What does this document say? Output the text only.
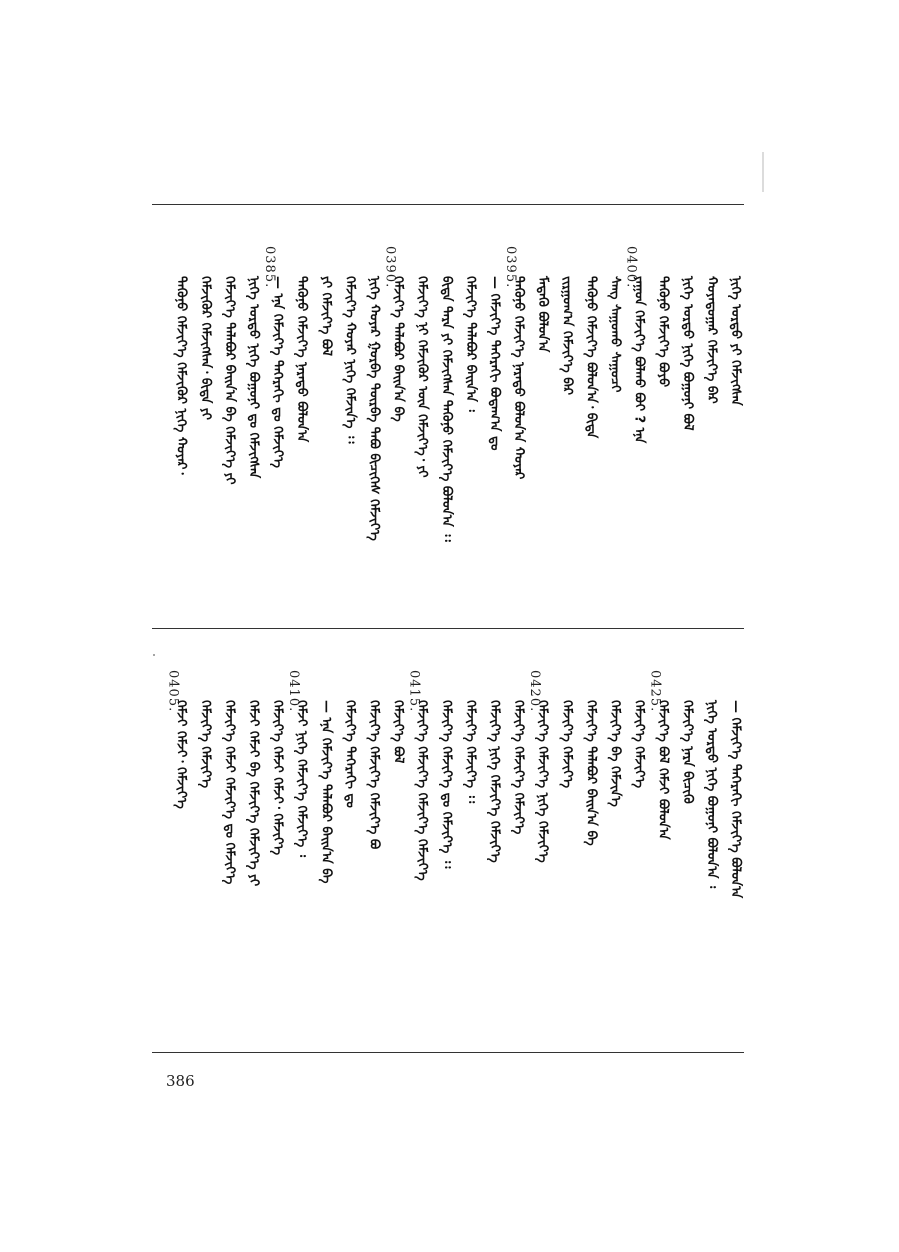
ᠨᠢᠭᠡ ᠤᠷᠲᠤ ᠶᠢ ᠬᠡᠮᠵᠢᠭᠰᠡᠨ
ᠬᠣᠶᠠᠳᠤᠭᠠᠷ ᠬᠡᠮᠵᠢᠶ᠎ᠡ ᠪᠡᠷ
ᠨᠢᠭᠡ ᠤᠷᠲᠤ ᠨᠢᠭᠡ ᠪᠣᠭᠣᠨᠢ ᠪᠣᠯ
ᠲᠡᠭᠦᠨᠦ ᠬᠡᠮᠵᠢᠶ᠎ᠡ ᠪᠤᠶᠤ
0400.
ᠶᠠᠭᠤᠨ ᠬᠡᠮᠵᠢᠶ᠎ᠡ ᠪᠣᠯᠬᠤ ᠪᠤᠢ ? ᠡᠨᠡ
ᠰᠠᠩ ᠰᠠᠭᠤᠬᠤ ᠰᠠᠭᠤᠴᠢ
ᠲᠡᠭᠦᠨᠦ ᠬᠡᠮᠵᠢᠶ᠎ᠡ ᠪᠣᠯᠤᠨ᠎ᠠ᠂ ᠪᠢᠳᠡ
ᠵᠢᠷᠭᠤᠭ᠎ᠠ ᠬᠡᠮᠵᠢᠶ᠎ᠡ ᠪᠡᠷ
ᠮᠡᠳᠡᠬᠦ ᠪᠣᠯᠤᠨ᠎ᠠ
0395.
ᠲᠡᠭᠦᠨᠦ ᠬᠡᠮᠵᠢᠶ᠎ᠡ ᠨᠡᠷᠡᠳᠦ ᠪᠣᠯᠤᠨ᠎ᠠ ᠬᠣᠶᠠᠷ
— ᠬᠡᠮᠵᠢᠶ᠎ᠡ ᠳᠡᠭᠡᠷᠡᠬᠢ ᠪᠤᠳᠠᠭ᠎ᠠ ᠳᠤ
ᠬᠡᠮᠵᠢᠶ᠎ᠡ ᠲᠠᠯᠠᠪᠤᠷ ᠪᠠᠢᠨ᠎ᠠ ᠄
ᠪᠢᠳᠡ ᠲᠡᠷᠡ ᠶᠢ ᠬᠡᠮᠵᠢᠭᠰᠡᠨ ᠲᠡᠭᠦᠨᠦ ᠬᠡᠮᠵᠢᠶ᠎ᠡ ᠪᠣᠯᠤᠨ᠎ᠠ ᠄᠄
ᠬᠡᠮᠵᠢᠶ᠎ᠡ ᠨᠢ ᠬᠡᠮᠵᠢᠭᠦᠷ ᠦᠨ ᠬᠡᠮᠵᠢᠶ᠎ᠡ᠂ ᠶᠢ
0390.
ᠬᠡᠮᠵᠢᠶ᠎ᠡ ᠲᠠᠯᠠᠪᠤᠷ ᠪᠠᠢᠨ᠎ᠠ ᠪᠠ
ᠨᠢᠭᠡ ᠬᠣᠶᠠᠷ ᠭᠤᠷᠪᠠ ᠳᠥᠷᠪᠡ ᠲᠠᠪᠤ ᠪᠢᠴᠢᠭᠡᠰ ᠬᠡᠮᠵᠢᠶ᠎ᠡ
ᠬᠡᠮᠵᠢᠶ᠎ᠡ ᠬᠣᠶᠠᠷ ᠨᠢᠭᠡ ᠬᠡᠮᠵᠢᠨ᠎ᠡ ᠄᠄
ᠶᠢ ᠬᠡᠮᠵᠢᠶ᠎ᠡ ᠪᠣᠯ
ᠲᠡᠭᠦᠨᠦ ᠬᠡᠮᠵᠢᠶ᠎ᠡ ᠨᠡᠷᠡᠳᠦ ᠪᠣᠯᠤᠨ᠎ᠠ
0385.
— ᠡᠨᠡ ᠬᠡᠮᠵᠢᠶ᠎ᠡ ᠳᠡᠭᠡᠷᠡᠬᠢ ᠳᠤ ᠬᠡᠮᠵᠢᠶ᠎ᠡ
ᠨᠢᠭᠡ ᠤᠷᠲᠤ ᠨᠢᠭᠡ ᠪᠣᠭᠣᠨᠢ ᠳᠤ ᠬᠡᠮᠵᠢᠭᠰᠡᠨ
ᠬᠡᠮᠵᠢᠶ᠎ᠡ ᠲᠠᠯᠠᠪᠤᠷ ᠪᠠᠢᠨ᠎ᠠ ᠪᠠ ᠬᠡᠮᠵᠢᠶ᠎ᠡ ᠶᠢ
ᠬᠡᠮᠵᠢᠭᠦᠷ ᠬᠡᠮᠵᠢᠭᠰᠡᠨ᠂ ᠪᠢᠳᠡ ᠶᠢ
ᠲᠡᠭᠦᠨᠦ ᠬᠡᠮᠵᠢᠶ᠎ᠡ ᠬᠡᠮᠵᠢᠭᠦᠷ ᠨᠢᠭᠡ ᠬᠣᠶᠠᠷ᠂
— ᠬᠡᠮᠵᠢᠶ᠎ᠡ ᠳᠡᠭᠡᠷᠡᠬᠢ ᠬᠡᠮᠵᠢᠶ᠎ᠡ ᠪᠣᠯᠤᠨ᠎ᠠ
ᠨᠢᠭᠡ ᠤᠷᠲᠤ ᠨᠢᠭᠡ ᠪᠣᠭᠣᠨᠢ ᠪᠣᠯᠤᠨ᠎ᠠ ᠄
ᠬᠡᠮᠵᠢᠶ᠎ᠡ ᠨᠡᠷᠡ ᠪᠢᠴᠢᠭᠦ
0425.
ᠬᠡᠮᠵᠢᠶ᠎ᠡ ᠪᠣᠯ ᠬᠡᠮᠵᠢ ᠪᠣᠯᠤᠨ᠎ᠠ
ᠬᠡᠮᠵᠢᠶ᠎ᠡ ᠬᠡᠮᠵᠢᠶ᠎ᠡ
ᠬᠡᠮᠵᠢᠶ᠎ᠡ ᠪᠠ ᠬᠡᠮᠵᠢᠨ᠎ᠡ
ᠬᠡᠮᠵᠢᠶ᠎ᠡ ᠲᠠᠯᠠᠪᠤᠷ ᠪᠠᠢᠨ᠎ᠠ ᠪᠠ
ᠬᠡᠮᠵᠢᠶ᠎ᠡ ᠬᠡᠮᠵᠢᠶ᠎ᠡ
0420.
ᠬᠡᠮᠵᠢᠶ᠎ᠡ ᠬᠡᠮᠵᠢᠶ᠎ᠡ ᠨᠢᠭᠡ ᠬᠡᠮᠵᠢᠶ᠎ᠡ
ᠬᠡᠮᠵᠢᠶ᠎ᠡ ᠬᠡᠮᠵᠢᠶ᠎ᠡ ᠬᠡᠮᠵᠢᠶ᠎ᠡ
ᠬᠡᠮᠵᠢᠶ᠎ᠡ ᠨᠢᠭᠡ ᠬᠡᠮᠵᠢᠶ᠎ᠡ ᠬᠡᠮᠵᠢᠶ᠎ᠡ
ᠬᠡᠮᠵᠢᠶ᠎ᠡ ᠬᠡᠮᠵᠢᠶ᠎ᠡ ᠄᠄
ᠬᠡᠮᠵᠢᠶ᠎ᠡ ᠬᠡᠮᠵᠢᠶ᠎ᠡ ᠳᠤ ᠬᠡᠮᠵᠢᠶ᠎ᠡ ᠄᠄
0415.
ᠬᠡᠮᠵᠢᠶ᠎ᠡ ᠬᠡᠮᠵᠢᠶ᠎ᠡ ᠬᠡᠮᠵᠢᠶ᠎ᠡ ᠬᠡᠮᠵᠢᠶ᠎ᠡ
ᠬᠡᠮᠵᠢᠶ᠎ᠡ ᠪᠣᠯ
ᠬᠡᠮᠵᠢᠶ᠎ᠡ ᠬᠡᠮᠵᠢᠶ᠎ᠡ ᠬᠡᠮᠵᠢᠶ᠎ᠡ ᠪᠤ
ᠬᠡᠮᠵᠢᠶ᠎ᠡ ᠳᠡᠭᠡᠷᠡᠬᠢ ᠳᠤ
— ᠡᠨᠡ ᠬᠡᠮᠵᠢᠶ᠎ᠡ ᠲᠠᠯᠠᠪᠤᠷ ᠪᠠᠢᠨ᠎ᠠ ᠪᠠ
0410.
ᠬᠡᠮᠵᠢ ᠨᠢᠭᠡ ᠬᠡᠮᠵᠢᠶ᠎ᠡ ᠬᠡᠮᠵᠢᠶ᠎ᠡ ᠄
ᠬᠡᠮᠵᠢᠶ᠎ᠡ ᠬᠡᠮᠵᠢ ᠬᠡᠮᠵᠢ᠂ ᠬᠡᠮᠵᠢᠶ᠎ᠡ
ᠬᠡᠮᠵᠢ ᠬᠡᠮᠵᠢ ᠪᠠ ᠬᠡᠮᠵᠢᠶ᠎ᠡ ᠬᠡᠮᠵᠢᠶ᠎ᠡ ᠶᠢ
ᠬᠡᠮᠵᠢᠶ᠎ᠡ ᠬᠡᠮᠵᠢ ᠬᠡᠮᠵᠢᠶ᠎ᠡ ᠳᠤ ᠬᠡᠮᠵᠢᠶ᠎ᠡ
ᠬᠡᠮᠵᠢᠶ᠎ᠡ ᠬᠡᠮᠵᠢᠶ᠎ᠡ
0405.
ᠬᠡᠮᠵᠢ ᠬᠡᠮᠵᠢ᠂ ᠬᠡᠮᠵᠢᠶ᠎ᠡ
386
